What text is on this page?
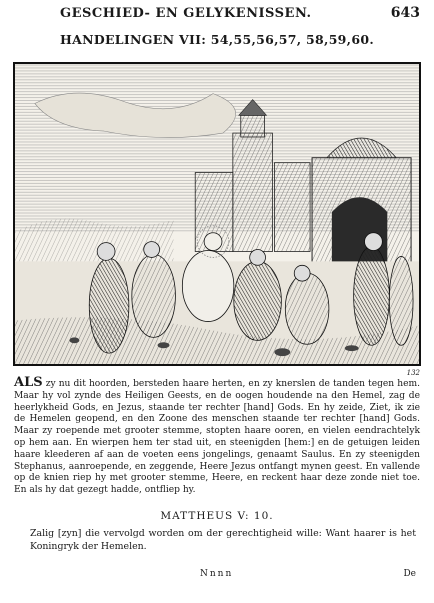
GESCHIED- EN GELYKENISSEN.	643
HANDELINGEN VII: 54,55,56,57, 58,59,60.
132
ALS zy nu dit hoorden, bersteden haare herten, en zy knerslen de tanden tegen hem. Maar hy vol zynde des Heiligen Geests, en de oogen houdende na den Hemel, zag de heerlykheid Gods, en Jezus, staande ter rechter [hand] Gods. En hy zeide, Ziet, ik zie de Hemelen geopend, en den Zoone des menschen staande ter rechter [hand] Gods. Maar zy roepende met grooter stemme, stopten haare ooren, en vielen eendrachtelyk op hem aan. En wierpen hem ter stad uit, en steenigden [hem:] en de getuigen leiden haare kleederen af aan de voeten eens jongelings, genaamt Saulus. En zy steenigden Stephanus, aanroepende, en zeggende, Heere Jezus ontfangt mynen geest. En vallende op de knien riep hy met grooter stemme, Heere, en reckent haar deze zonde niet toe. En als hy dat gezegt hadde, ontfliep hy.
MATTHEUS V: 10.
Zalig [zyn] die vervolgd worden om der gerechtigheid wille: Want haarer is het Koningryk der Hemelen.
Nnnn	De
